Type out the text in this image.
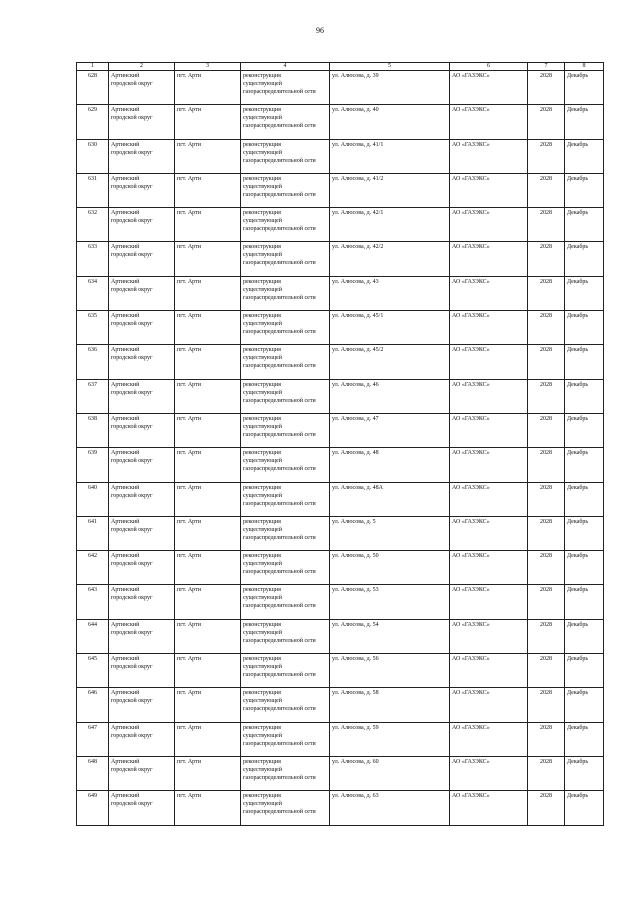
96
1	2	3	4	5	6	7	8

628	Артинский
городской округ	пгт. Арти	реконструкция
существующей
газораспределительной сети	ул. Алюсова, д. 39	АО «ГАЗЭКС»	2028	Декабрь

629	Артинский
городской округ	пгт. Арти	реконструкция
существующей
газораспределительной сети	ул. Алюсова, д. 40	АО «ГАЗЭКС»	2028	Декабрь

630	Артинский
городской округ	пгт. Арти	реконструкция
существующей
газораспределительной сети	ул. Алюсова, д. 41/1	АО «ГАЗЭКС»	2028	Декабрь

631	Артинский
городской округ	пгт. Арти	реконструкция
существующей
газораспределительной сети	ул. Алюсова, д. 41/2	АО «ГАЗЭКС»	2028	Декабрь

632	Артинский
городской округ	пгт. Арти	реконструкция
существующей
газораспределительной сети	ул. Алюсова, д. 42/1	АО «ГАЗЭКС»	2028	Декабрь

633	Артинский
городской округ	пгт. Арти	реконструкция
существующей
газораспределительной сети	ул. Алюсова, д. 42/2	АО «ГАЗЭКС»	2028	Декабрь

634	Артинский
городской округ	пгт. Арти	реконструкция
существующей
газораспределительной сети	ул. Алюсова, д. 43	АО «ГАЗЭКС»	2028	Декабрь

635	Артинский
городской округ	пгт. Арти	реконструкция
существующей
газораспределительной сети	ул. Алюсова, д. 45/1	АО «ГАЗЭКС»	2028	Декабрь

636	Артинский
городской округ	пгт. Арти	реконструкция
существующей
газораспределительной сети	ул. Алюсова, д. 45/2	АО «ГАЗЭКС»	2028	Декабрь

637	Артинский
городской округ	пгт. Арти	реконструкция
существующей
газораспределительной сети	ул. Алюсова, д. 46	АО «ГАЗЭКС»	2028	Декабрь

638	Артинский
городской округ	пгт. Арти	реконструкция
существующей
газораспределительной сети	ул. Алюсова, д. 47	АО «ГАЗЭКС»	2028	Декабрь

639	Артинский
городской округ	пгт. Арти	реконструкция
существующей
газораспределительной сети	ул. Алюсова, д. 48	АО «ГАЗЭКС»	2028	Декабрь

640	Артинский
городской округ	пгт. Арти	реконструкция
существующей
газораспределительной сети	ул. Алюсова, д. 48А	АО «ГАЗЭКС»	2028	Декабрь

641	Артинский
городской округ	пгт. Арти	реконструкция
существующей
газораспределительной сети	ул. Алюсова, д. 5	АО «ГАЗЭКС»	2028	Декабрь

642	Артинский
городской округ	пгт. Арти	реконструкция
существующей
газораспределительной сети	ул. Алюсова, д. 50	АО «ГАЗЭКС»	2028	Декабрь

643	Артинский
городской округ	пгт. Арти	реконструкция
существующей
газораспределительной сети	ул. Алюсова, д. 53	АО «ГАЗЭКС»	2028	Декабрь

644	Артинский
городской округ	пгт. Арти	реконструкция
существующей
газораспределительной сети	ул. Алюсова, д. 54	АО «ГАЗЭКС»	2028	Декабрь

645	Артинский
городской округ	пгт. Арти	реконструкция
существующей
газораспределительной сети	ул. Алюсова, д. 56	АО «ГАЗЭКС»	2028	Декабрь

646	Артинский
городской округ	пгт. Арти	реконструкция
существующей
газораспределительной сети	ул. Алюсова, д. 58	АО «ГАЗЭКС»	2028	Декабрь

647	Артинский
городской округ	пгт. Арти	реконструкция
существующей
газораспределительной сети	ул. Алюсова, д. 59	АО «ГАЗЭКС»	2028	Декабрь

648	Артинский
городской округ	пгт. Арти	реконструкция
существующей
газораспределительной сети	ул. Алюсова, д. 60	АО «ГАЗЭКС»	2028	Декабрь

649	Артинский
городской округ	пгт. Арти	реконструкция
существующей
газораспределительной сети	ул. Алюсова, д. 63	АО «ГАЗЭКС»	2028	Декабрь
